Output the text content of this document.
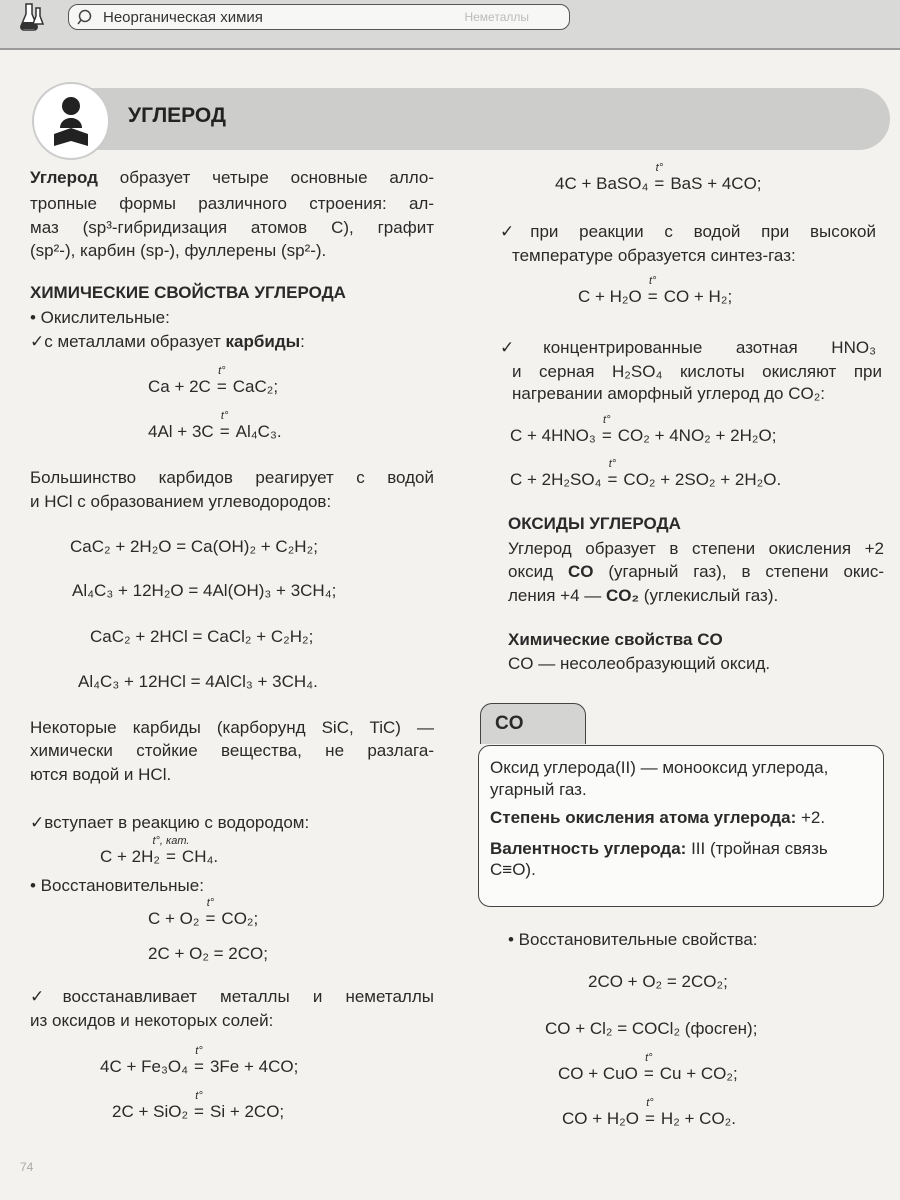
Неорганическая химия	Неметаллы
УГЛЕРОД
CO
Углерод образует четыре основные алло-
тропные формы различного строения: ал-
маз (sp³-гибридизация атомов C), графит
(sp²-), карбин (sp-), фуллерены (sp²-).
ХИМИЧЕСКИЕ СВОЙСТВА УГЛЕРОДА
• Окислительные:
✓с металлами образует карбиды:
Ca + 2C =
t°
CaC₂;
4Al + 3C =
t°
Al₄C₃.
Большинство карбидов реагирует с водой
и HCl с образованием углеводородов:
CaC₂ + 2H₂O = Ca(OH)₂ + C₂H₂;
Al₄C₃ + 12H₂O = 4Al(OH)₃ + 3CH₄;
CaC₂ + 2HCl = CaCl₂ + C₂H₂;
Al₄C₃ + 12HCl = 4AlCl₃ + 3CH₄.
Некоторые карбиды (карборунд SiC, TiC) —
химически стойкие вещества, не разлага-
ются водой и HCl.
✓вступает в реакцию с водородом:
C + 2H₂ =
t°, кат.
CH₄.
• Восстановительные:
C + O₂ =
t°
CO₂;
2C + O₂ = 2CO;
✓восстанавливает металлы и неметаллы
из оксидов и некоторых солей:
4C + Fe₃O₄ =
t°
3Fe + 4CO;
2C + SiO₂ =
t°
Si + 2CO;
4C + BaSO₄ =
t°
BaS + 4CO;
✓при реакции с водой при высокой
температуре образуется синтез-газ:
C + H₂O =
t°
CO + H₂;
✓концентрированные азотная HNO₃
и серная H₂SO₄ кислоты окисляют при
нагревании аморфный углерод до CO₂:
C + 4HNO₃ =
t°
CO₂ + 4NO₂ + 2H₂O;
C + 2H₂SO₄ =
t°
CO₂ + 2SO₂ + 2H₂O.
ОКСИДЫ УГЛЕРОДА
Углерод образует в степени окисления +2
оксид CO (угарный газ), в степени окис-
ления +4 — CO₂ (углекислый газ).
Химические свойства CO
CO — несолеобразующий оксид.
Оксид углерода(II) — монооксид углерода,
угарный газ.
Степень окисления атома углерода: +2.
Валентность углерода: III (тройная связь
C≡O).
• Восстановительные свойства:
2CO + O₂ = 2CO₂;
CO + Cl₂ = COCl₂ (фосген);
CO + CuO =
t°
Cu + CO₂;
CO + H₂O =
t°
H₂ + CO₂.
74
